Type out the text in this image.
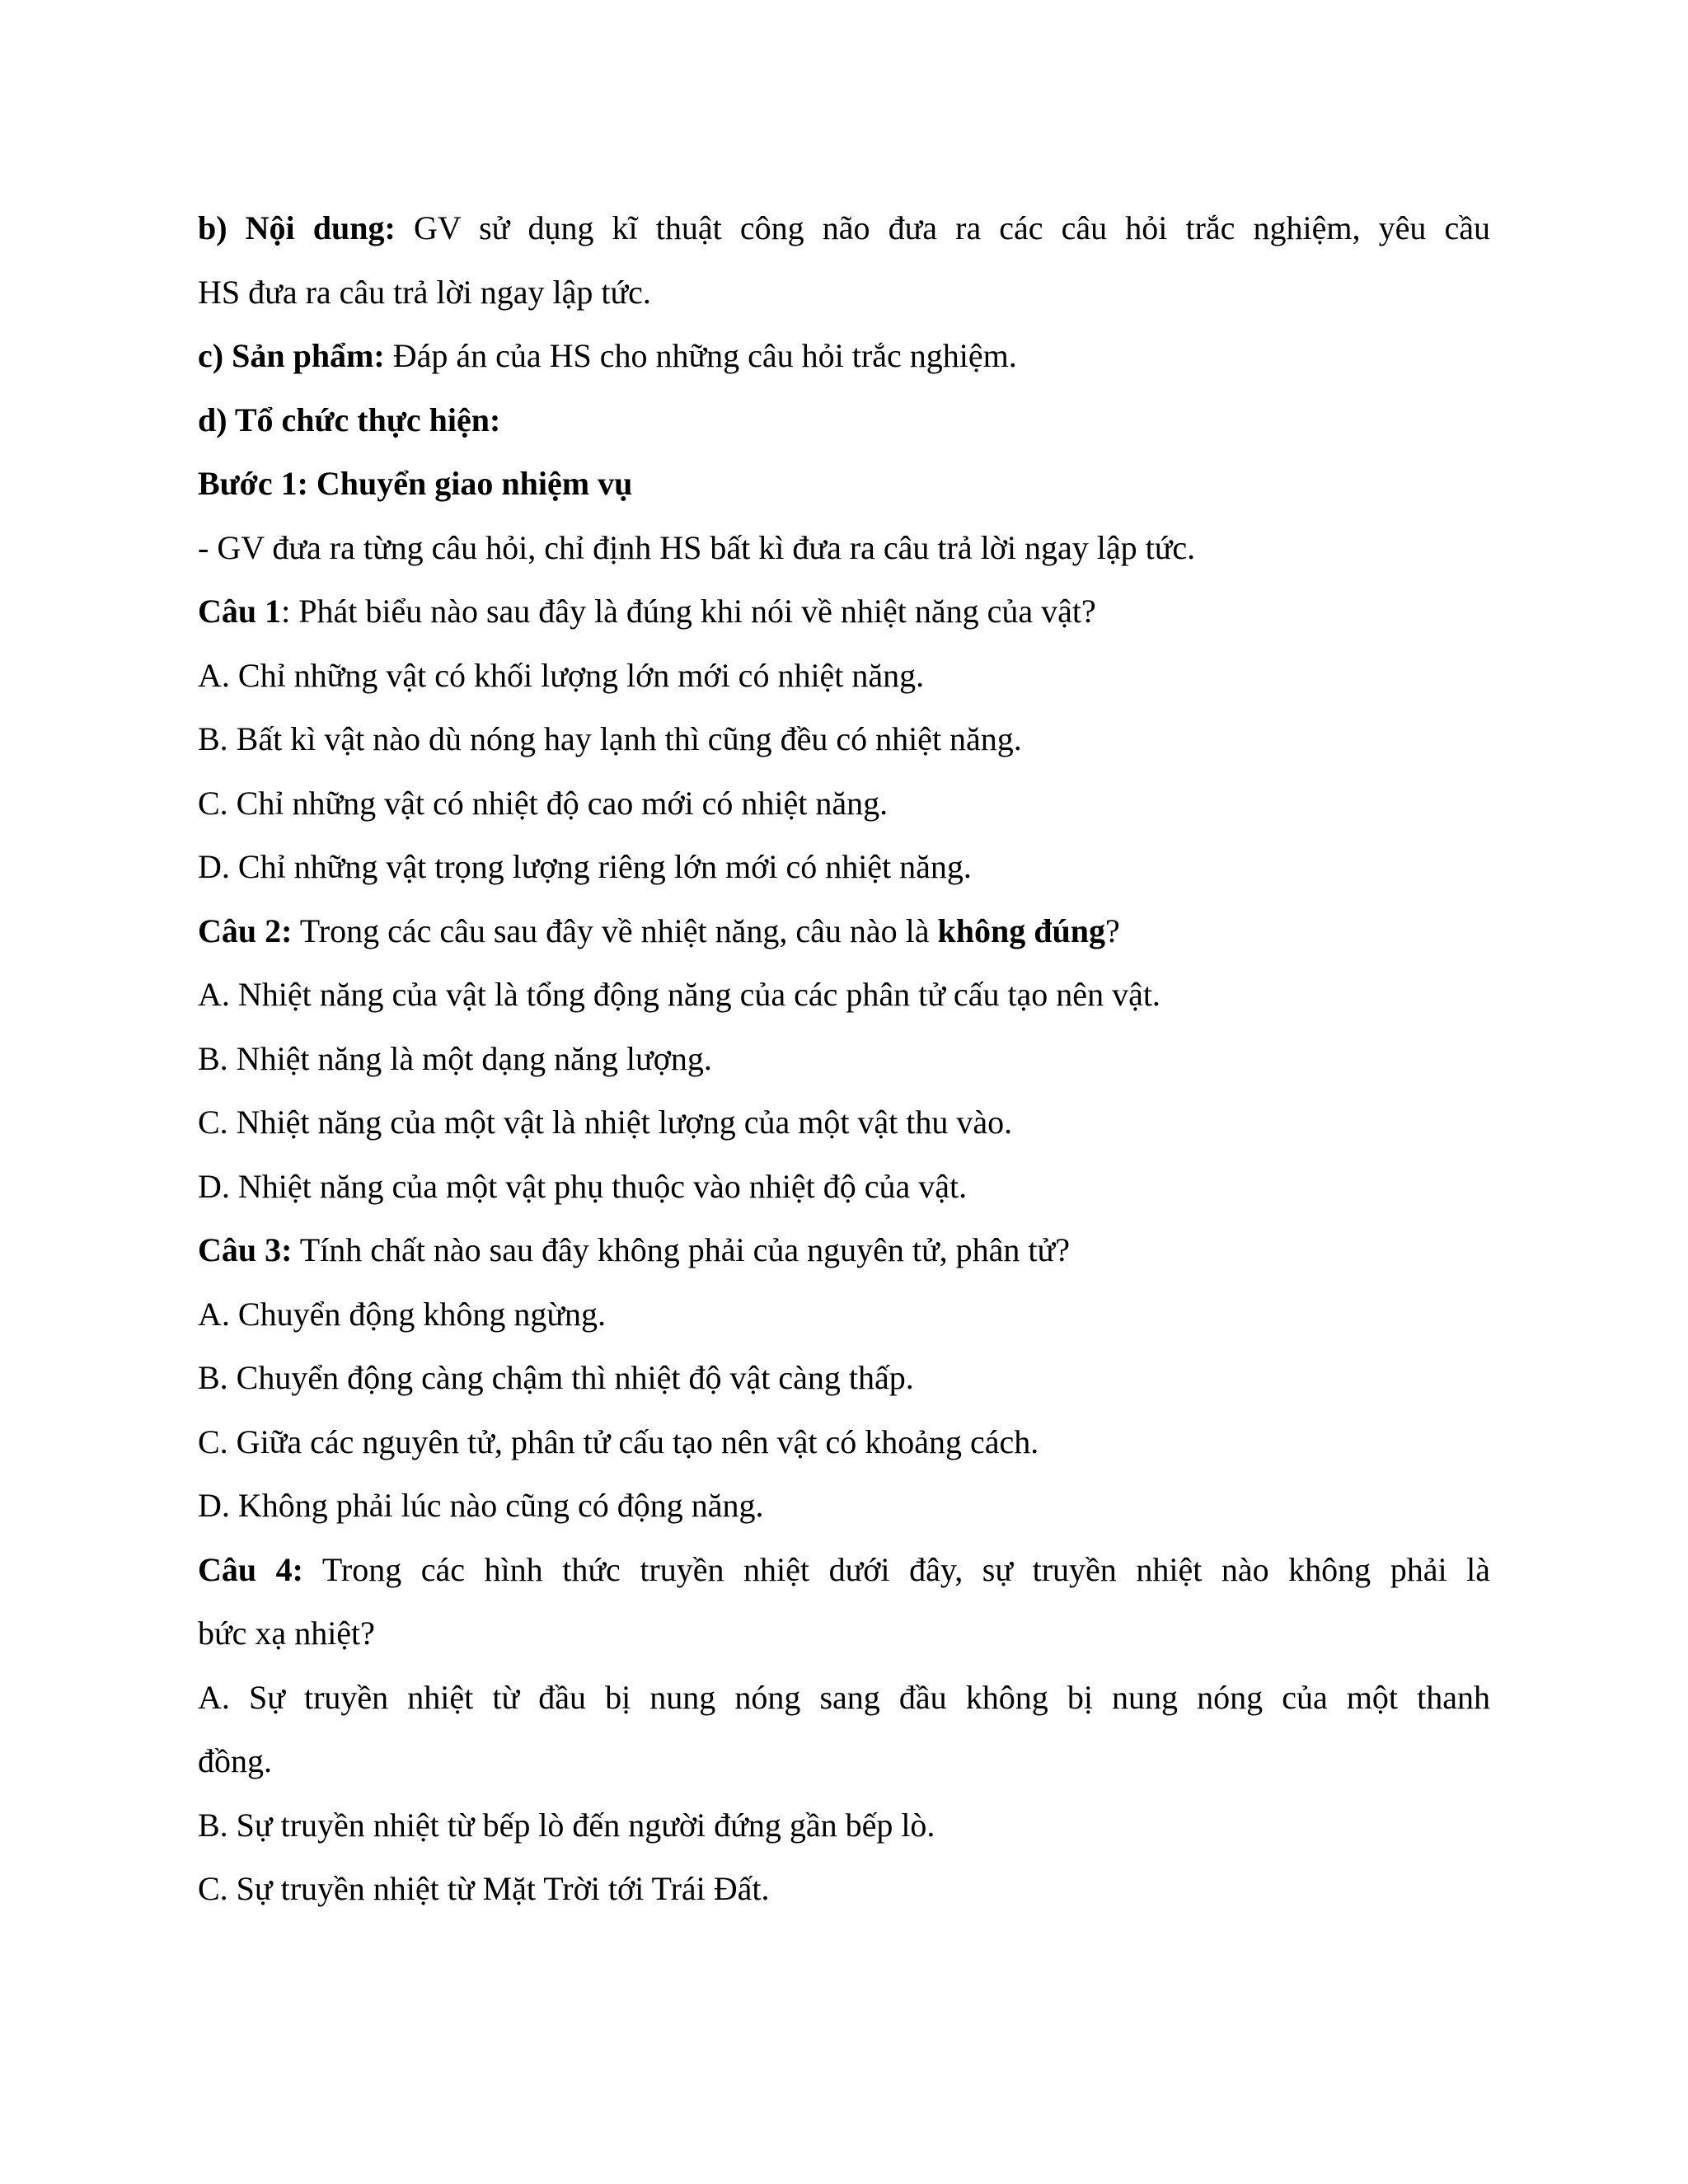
b) Nội dung: GV sử dụng kĩ thuật công não đưa ra các câu hỏi trắc nghiệm, yêu cầu

HS đưa ra câu trả lời ngay lập tức.

c) Sản phẩm: Đáp án của HS cho những câu hỏi trắc nghiệm.

d) Tổ chức thực hiện:

Bước 1: Chuyển giao nhiệm vụ

- GV đưa ra từng câu hỏi, chỉ định HS bất kì đưa ra câu trả lời ngay lập tức.

Câu 1: Phát biểu nào sau đây là đúng khi nói về nhiệt năng của vật?

A. Chỉ những vật có khối lượng lớn mới có nhiệt năng.

B. Bất kì vật nào dù nóng hay lạnh thì cũng đều có nhiệt năng.

C. Chỉ những vật có nhiệt độ cao mới có nhiệt năng.

D. Chỉ những vật trọng lượng riêng lớn mới có nhiệt năng.

Câu 2: Trong các câu sau đây về nhiệt năng, câu nào là không đúng?

A. Nhiệt năng của vật là tổng động năng của các phân tử cấu tạo nên vật.

B. Nhiệt năng là một dạng năng lượng.

C. Nhiệt năng của một vật là nhiệt lượng của một vật thu vào.

D. Nhiệt năng của một vật phụ thuộc vào nhiệt độ của vật.

Câu 3: Tính chất nào sau đây không phải của nguyên tử, phân tử?

A. Chuyển động không ngừng.

B. Chuyển động càng chậm thì nhiệt độ vật càng thấp.

C. Giữa các nguyên tử, phân tử cấu tạo nên vật có khoảng cách.

D. Không phải lúc nào cũng có động năng.

Câu 4: Trong các hình thức truyền nhiệt dưới đây, sự truyền nhiệt nào không phải là

bức xạ nhiệt?

A. Sự truyền nhiệt từ đầu bị nung nóng sang đầu không bị nung nóng của một thanh

đồng.

B. Sự truyền nhiệt từ bếp lò đến người đứng gần bếp lò.

C. Sự truyền nhiệt từ Mặt Trời tới Trái Đất.
